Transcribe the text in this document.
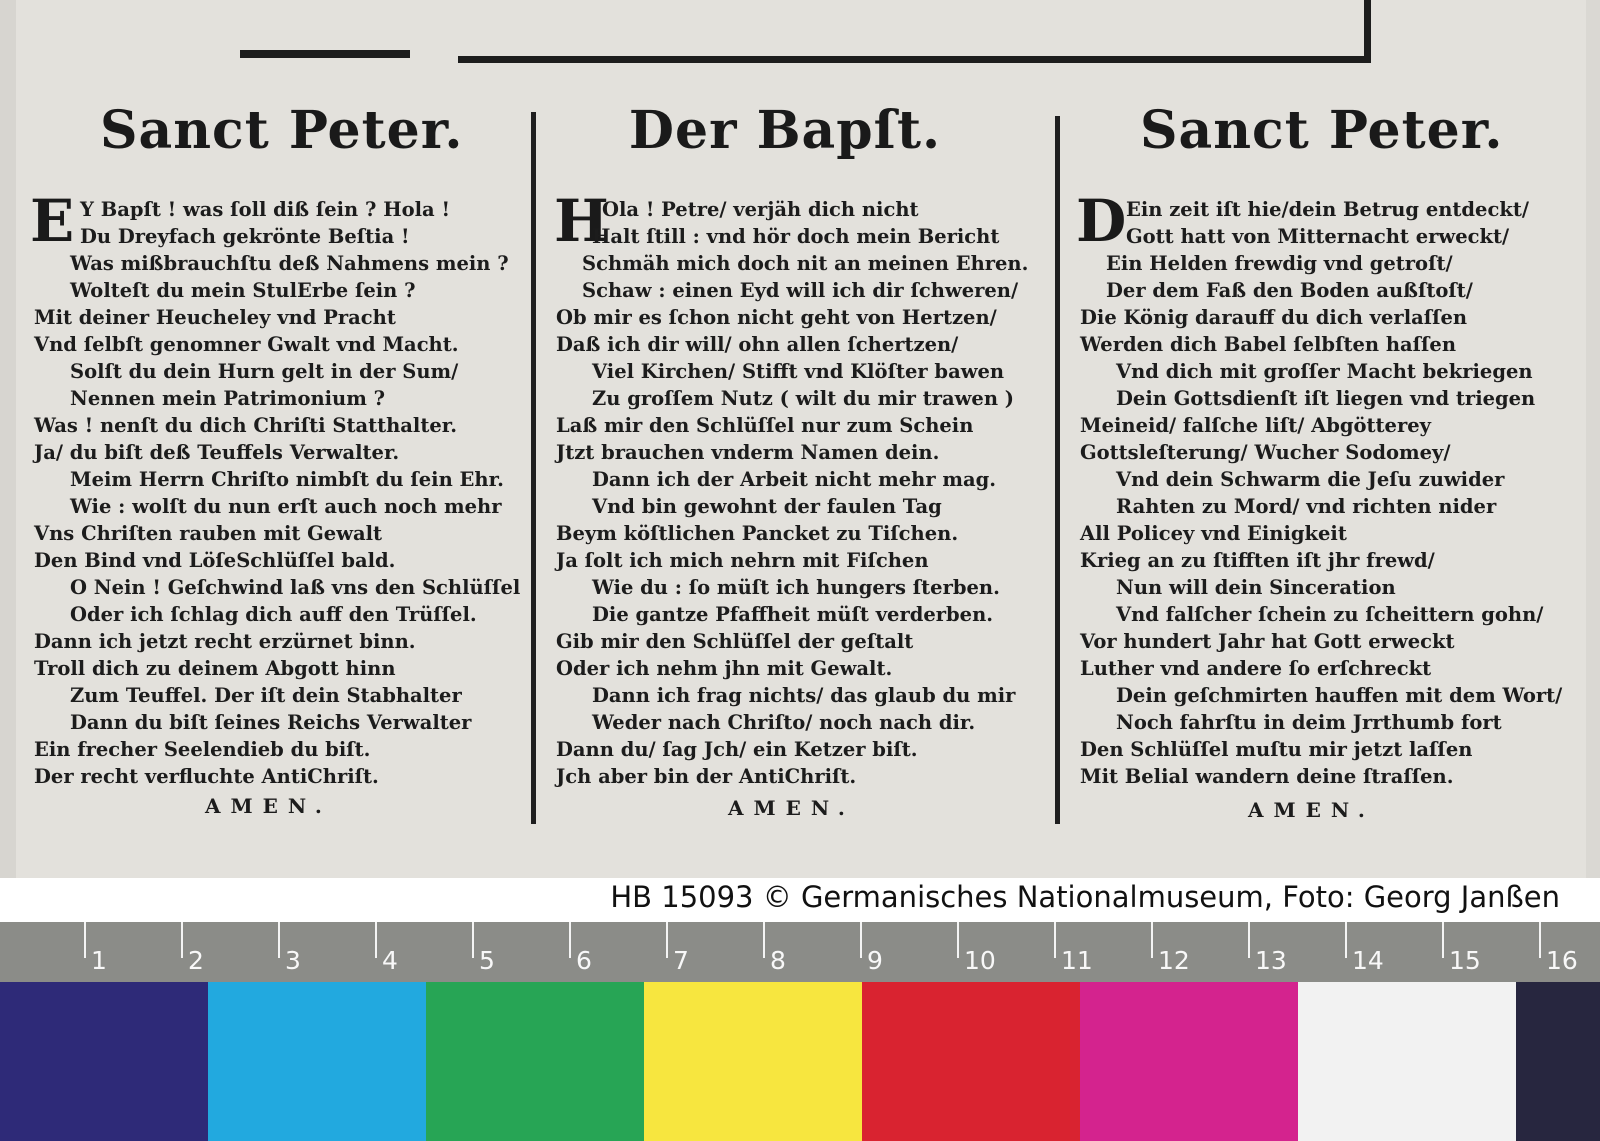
Sanct Peter.
E Y Bapſt ! was ſoll diß ſein ? Hola !
Du Dreyfach gekrönte Beſtia !
Was mißbrauchſtu deß Nahmens mein ?
Wolteſt du mein StulErbe ſein ?
Mit deiner Heucheley vnd Pracht
Vnd ſelbſt genomner Gwalt vnd Macht.
Solſt du dein Hurn gelt in der Sum/
Nennen mein Patrimonium ?
Was ! nenſt du dich Chriſti Statthalter.
Ja/ du biſt deß Teuffels Verwalter.
Meim Herrn Chriſto nimbſt du ſein Ehr.
Wie : wolſt du nun erſt auch noch mehr
Vns Chriſten rauben mit Gewalt
Den Bind vnd LöſeSchlüſſel bald.
O Nein ! Geſchwind laß vns den Schlüſſel
Oder ich ſchlag dich auff den Trüſſel.
Dann ich jetzt recht erzürnet binn.
Troll dich zu deinem Abgott hinn
Zum Teuffel. Der iſt dein Stabhalter
Dann du biſt ſeines Reichs Verwalter
Ein frecher Seelendieb du biſt.
Der recht verfluchte AntiChriſt.
AMEN.
Der Bapſt.
H
Ola ! Petre/ verjäh dich nicht
Halt ſtill : vnd hör doch mein Bericht
Schmäh mich doch nit an meinen Ehren.
Schaw : einen Eyd will ich dir ſchweren/
Ob mir es ſchon nicht geht von Hertzen/
Daß ich dir will/ ohn allen ſchertzen/
Viel Kirchen/ Stifft vnd Klöſter bawen
Zu groſſem Nutz ( wilt du mir trawen )
Laß mir den Schlüſſel nur zum Schein
Jtzt brauchen vnderm Namen dein.
Dann ich der Arbeit nicht mehr mag.
Vnd bin gewohnt der faulen Tag
Beym köſtlichen Pancket zu Tiſchen.
Ja ſolt ich mich nehrn mit Fiſchen
Wie du : ſo müſt ich hungers ſterben.
Die gantze Pfaffheit müſt verderben.
Gib mir den Schlüſſel der geſtalt
Oder ich nehm jhn mit Gewalt.
Dann ich frag nichts/ das glaub du mir
Weder nach Chriſto/ noch nach dir.
Dann du/ ſag Jch/ ein Ketzer biſt.
Jch aber bin der AntiChriſt.
AMEN.
Sanct Peter.
D Ein zeit iſt hie/dein Betrug entdeckt/
Gott hatt von Mitternacht erweckt/
Ein Helden frewdig vnd getroſt/
Der dem Faß den Boden außſtoſt/
Die König darauff du dich verlaſſen
Werden dich Babel ſelbſten haſſen
Vnd dich mit groſſer Macht bekriegen
Dein Gottsdienſt iſt liegen vnd triegen
Meineid/ falſche liſt/ Abgötterey
Gottsleſterung/ Wucher Sodomey/
Vnd dein Schwarm die Jeſu zuwider
Rahten zu Mord/ vnd richten nider
All Policey vnd Einigkeit
Krieg an zu ſtifften iſt jhr frewd/
Nun will dein Sinceration
Vnd falſcher ſchein zu ſcheittern gohn/
Vor hundert Jahr hat Gott erweckt
Luther vnd andere ſo erſchreckt
Dein geſchmirten hauffen mit dem Wort/
Noch fahrſtu in deim Jrrthumb fort
Den Schlüſſel muſtu mir jetzt laſſen
Mit Belial wandern deine ſtraſſen.
AMEN.
HB 15093 © Germanisches Nationalmuseum, Foto: Georg Janßen
1	2	3	4	5	6	7	8	9	10	11	12	13	14	15	16
